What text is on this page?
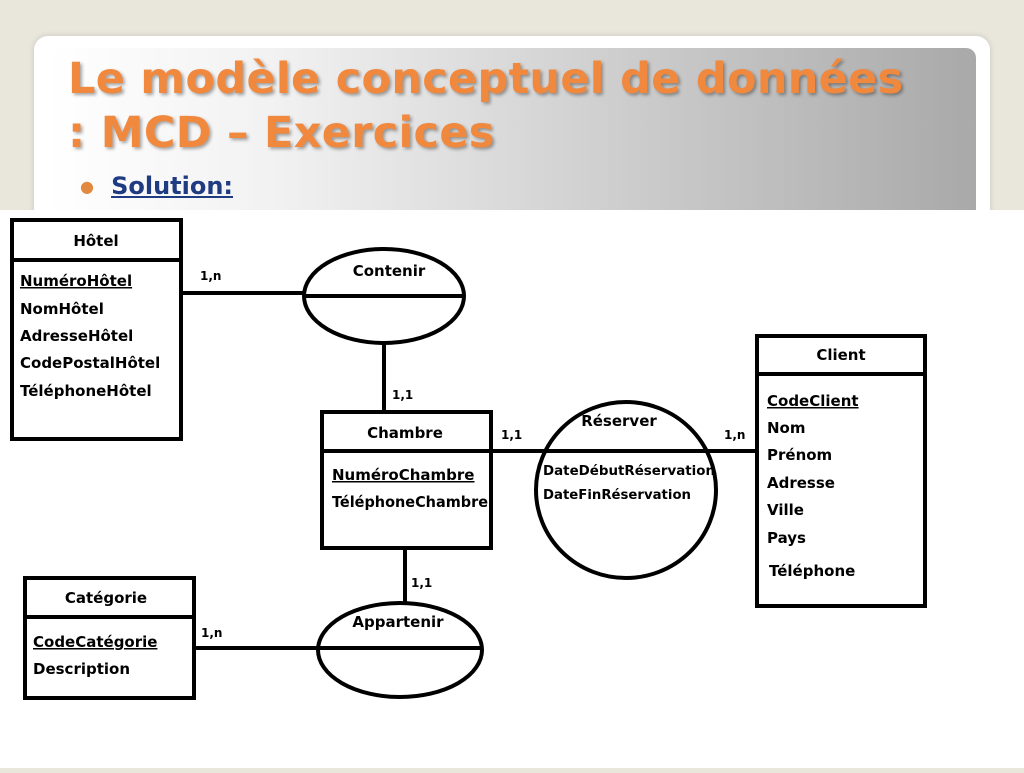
Le modèle conceptuel de données
: MCD – Exercices
● Solution:
Hôtel
NuméroHôtel
NomHôtel
AdresseHôtel
CodePostalHôtel
TéléphoneHôtel
Chambre
NuméroChambre
TéléphoneChambre
Client
CodeClient
Nom
Prénom
Adresse
Ville
Pays
Téléphone
Catégorie
CodeCatégorie
Description
Contenir
Réserver
DateDébutRéservation
DateFinRéservation
Appartenir
1,n
1,1
1,1	1,n
1,1
1,n
